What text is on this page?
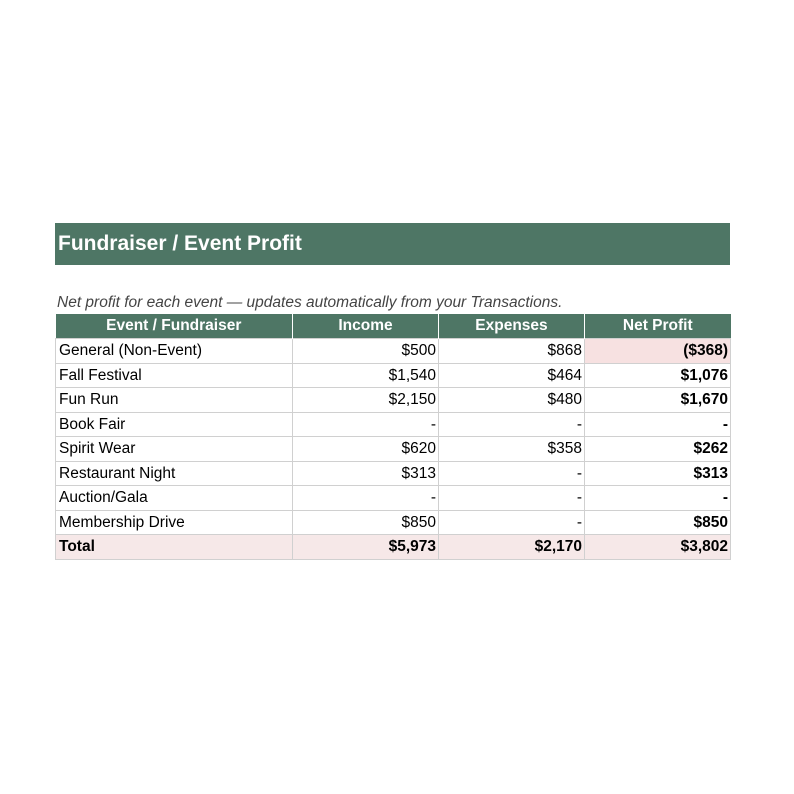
Fundraiser / Event Profit
Net profit for each event — updates automatically from your Transactions.
Event / Fundraiser	Income	Expenses	Net Profit
General (Non-Event)	$500	$868	($368)
Fall Festival	$1,540	$464	$1,076
Fun Run	$2,150	$480	$1,670
Book Fair	-	-	-
Spirit Wear	$620	$358	$262
Restaurant Night	$313	-	$313
Auction/Gala	-	-	-
Membership Drive	$850	-	$850
Total	$5,973	$2,170	$3,802
